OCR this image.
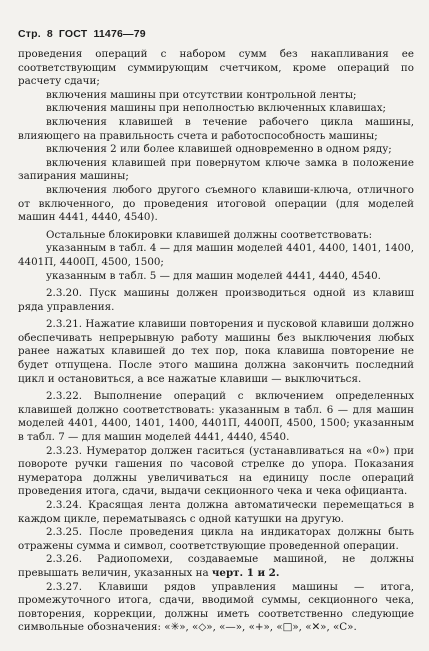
Стр. 8 ГОСТ 11476—79

проведения операций с набором сумм без накапливания ее соответствующим суммирующим счетчиком, кроме операций по расчету сдачи;

включения машины при отсутствии контрольной ленты;

включения машины при неполностью включенных клавишах;

включения клавишей в течение рабочего цикла машины, влияющего на правильность счета и работоспособность машины;

включения 2 или более клавишей одновременно в одном ряду;

включения клавишей при повернутом ключе замка в положение запирания машины;

включения любого другого съемного клавиши-ключа, отличного от включенного, до проведения итоговой операции (для моделей машин 4441, 4440, 4540).

Остальные блокировки клавишей должны соответствовать:

указанным в табл. 4 — для машин моделей 4401, 4400, 1401, 1400, 4401П, 4400П, 4500, 1500;

указанным в табл. 5 — для машин моделей 4441, 4440, 4540.

2.3.20. Пуск машины должен производиться одной из клавиш ряда управления.

2.3.21. Нажатие клавиши повторения и пусковой клавиши должно обеспечивать непрерывную работу машины без выключения любых ранее нажатых клавишей до тех пор, пока клавиша повторение не будет отпущена. После этого машина должна закончить последний цикл и остановиться, а все нажатые клавиши — выключиться.

2.3.22. Выполнение операций с включением определенных клавишей должно соответствовать: указанным в табл. 6 — для машин моделей 4401, 4400, 1401, 1400, 4401П, 4400П, 4500, 1500; указанным в табл. 7 — для машин моделей 4441, 4440, 4540.

2.3.23. Нумератор должен гаситься (устанавливаться на «0») при повороте ручки гашения по часовой стрелке до упора. Показания нумератора должны увеличиваться на единицу после операций проведения итога, сдачи, выдачи секционного чека и чека официанта.

2.3.24. Красящая лента должна автоматически перемещаться в каждом цикле, перематываясь с одной катушки на другую.

2.3.25. После проведения цикла на индикаторах должны быть отражены сумма и символ, соответствующие проведенной операции.

2.3.26. Радиопомехи, создаваемые машиной, не должны превышать величин, указанных на черт. 1 и 2.

2.3.27. Клавиши рядов управления машины — итога, промежуточного итога, сдачи, вводимой суммы, секционного чека, повторения, коррекции, должны иметь соответственно следующие символьные обозначения: «✳», «◇», «—», «+», «□», «✕», «С».
